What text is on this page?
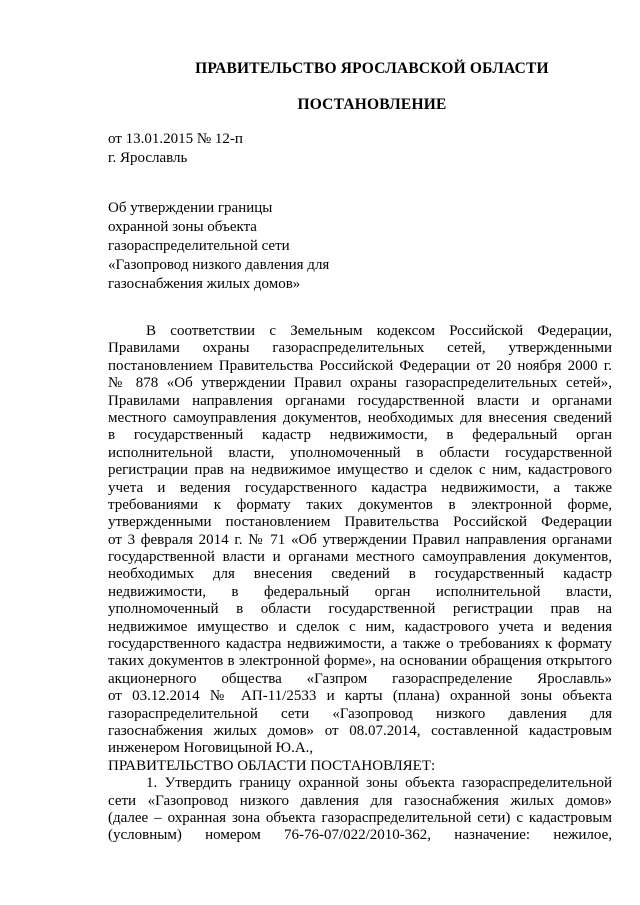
ПРАВИТЕЛЬСТВО ЯРОСЛАВСКОЙ ОБЛАСТИ
ПОСТАНОВЛЕНИЕ
от 13.01.2015 № 12-п
г. Ярославль
Об утверждении границы
охранной зоны объекта
газораспределительной сети
«Газопровод низкого давления для
газоснабжения жилых домов»
В соответствии с Земельным кодексом Российской Федерации,
Правилами охраны газораспределительных сетей, утвержденными
постановлением Правительства Российской Федерации от 20 ноября 2000 г.
№ 878 «Об утверждении Правил охраны газораспределительных сетей»,
Правилами направления органами государственной власти и органами
местного самоуправления документов, необходимых для внесения сведений
в государственный кадастр недвижимости, в федеральный орган
исполнительной власти, уполномоченный в области государственной
регистрации прав на недвижимое имущество и сделок с ним, кадастрового
учета и ведения государственного кадастра недвижимости, а также
требованиями к формату таких документов в электронной форме,
утвержденными постановлением Правительства Российской Федерации
от 3 февраля 2014 г. № 71 «Об утверждении Правил направления органами
государственной власти и органами местного самоуправления документов,
необходимых для внесения сведений в государственный кадастр
недвижимости, в федеральный орган исполнительной власти,
уполномоченный в области государственной регистрации прав на
недвижимое имущество и сделок с ним, кадастрового учета и ведения
государственного кадастра недвижимости, а также о требованиях к формату
таких документов в электронной форме», на основании обращения открытого
акционерного общества «Газпром газораспределение Ярославль»
от 03.12.2014 № АП-11/2533 и карты (плана) охранной зоны объекта
газораспределительной сети «Газопровод низкого давления для
газоснабжения жилых домов» от 08.07.2014, составленной кадастровым
инженером Ноговицыной Ю.А.,
ПРАВИТЕЛЬСТВО ОБЛАСТИ ПОСТАНОВЛЯЕТ:
1. Утвердить границу охранной зоны объекта газораспределительной
сети «Газопровод низкого давления для газоснабжения жилых домов»
(далее – охранная зона объекта газораспределительной сети) с кадастровым
(условным) номером 76-76-07/022/2010-362, назначение: нежилое,
